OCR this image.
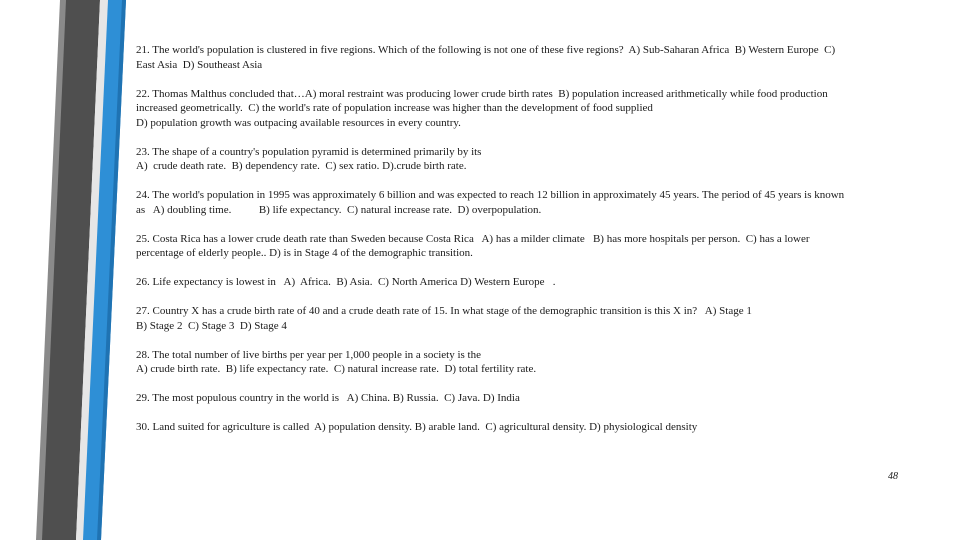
21. The world's population is clustered in five regions. Which of the following is not one of these five regions?  A) Sub-Saharan Africa  B) Western Europe  C) East Asia  D) Southeast Asia

22. Thomas Malthus concluded that…A) moral restraint was producing lower crude birth rates  B) population increased arithmetically while food production increased geometrically.  C) the world's rate of population increase was higher than the development of food supplied
D) population growth was outpacing available resources in every country.

23. The shape of a country's population pyramid is determined primarily by its
A)  crude death rate.  B) dependency rate.  C) sex ratio. D).crude birth rate.

24. The world's population in 1995 was approximately 6 billion and was expected to reach 12 billion in approximately 45 years. The period of 45 years is known as   A) doubling time.          B) life expectancy.  C) natural increase rate.  D) overpopulation.

25. Costa Rica has a lower crude death rate than Sweden because Costa Rica   A) has a milder climate   B) has more hospitals per person.  C) has a lower percentage of elderly people.. D) is in Stage 4 of the demographic transition.

26. Life expectancy is lowest in   A)  Africa.  B) Asia.  C) North America D) Western Europe   .

27. Country X has a crude birth rate of 40 and a crude death rate of 15. In what stage of the demographic transition is this X in?   A) Stage 1
B) Stage 2  C) Stage 3  D) Stage 4

28. The total number of live births per year per 1,000 people in a society is the
A) crude birth rate.  B) life expectancy rate.  C) natural increase rate.  D) total fertility rate.

29. The most populous country in the world is   A) China. B) Russia.  C) Java. D) India

30. Land suited for agriculture is called  A) population density. B) arable land.  C) agricultural density. D) physiological density

48
